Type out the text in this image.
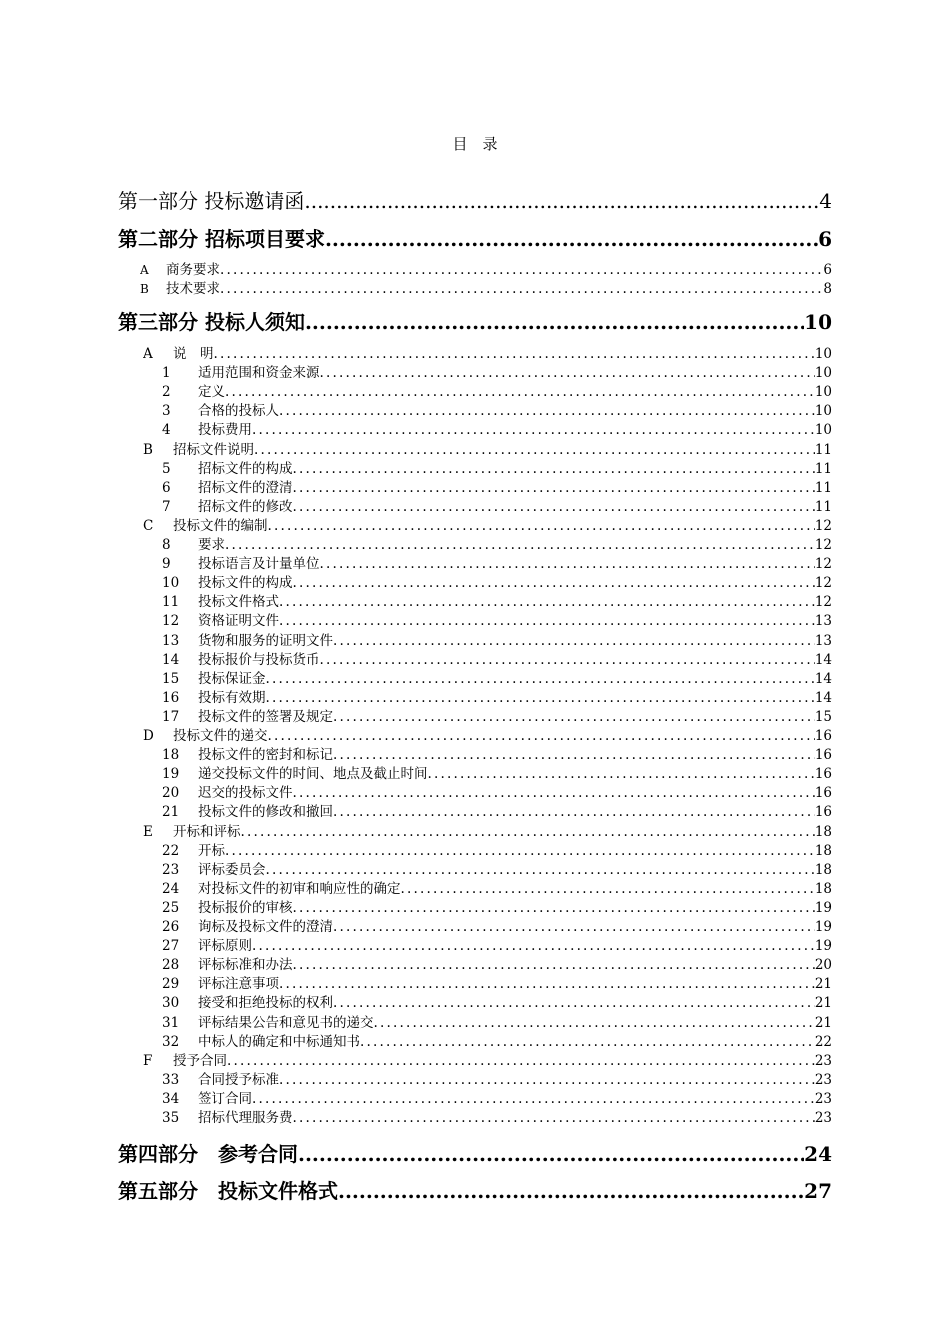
目　录
第一部分 投标邀请函 .....	4
第二部分 招标项目要求 .....	6
A 商务要求 .....	6
B 技术要求 .....	8
第三部分 投标人须知 .....	10
A 说　明 .....	10
1 适用范围和资金来源 .....	10
2 定义 .....	10
3 合格的投标人 .....	10
4 投标费用 .....	10
B 招标文件说明 .....	11
5 招标文件的构成 .....	11
6 招标文件的澄清 .....	11
7 招标文件的修改 .....	11
C 投标文件的编制 .....	12
8 要求 .....	12
9 投标语言及计量单位 .....	12
10 投标文件的构成 .....	12
11 投标文件格式 .....	12
12 资格证明文件 .....	13
13 货物和服务的证明文件 .....	13
14 投标报价与投标货币 .....	14
15 投标保证金 .....	14
16 投标有效期 .....	14
17 投标文件的签署及规定 .....	15
D 投标文件的递交 .....	16
18 投标文件的密封和标记 .....	16
19 递交投标文件的时间、地点及截止时间 .....	16
20 迟交的投标文件 .....	16
21 投标文件的修改和撤回 .....	16
E 开标和评标 .....	18
22 开标 .....	18
23 评标委员会 .....	18
24 对投标文件的初审和响应性的确定 .....	18
25 投标报价的审核 .....	19
26 询标及投标文件的澄清 .....	19
27 评标原则 .....	19
28 评标标准和办法 .....	20
29 评标注意事项 .....	21
30 接受和拒绝投标的权利 .....	21
31 评标结果公告和意见书的递交 .....	21
32 中标人的确定和中标通知书 .....	22
F 授予合同 .....	23
33 合同授予标准 .....	23
34 签订合同 .....	23
35 招标代理服务费 .....	23
第四部分　参考合同 .....	24
第五部分　投标文件格式 .....	27
